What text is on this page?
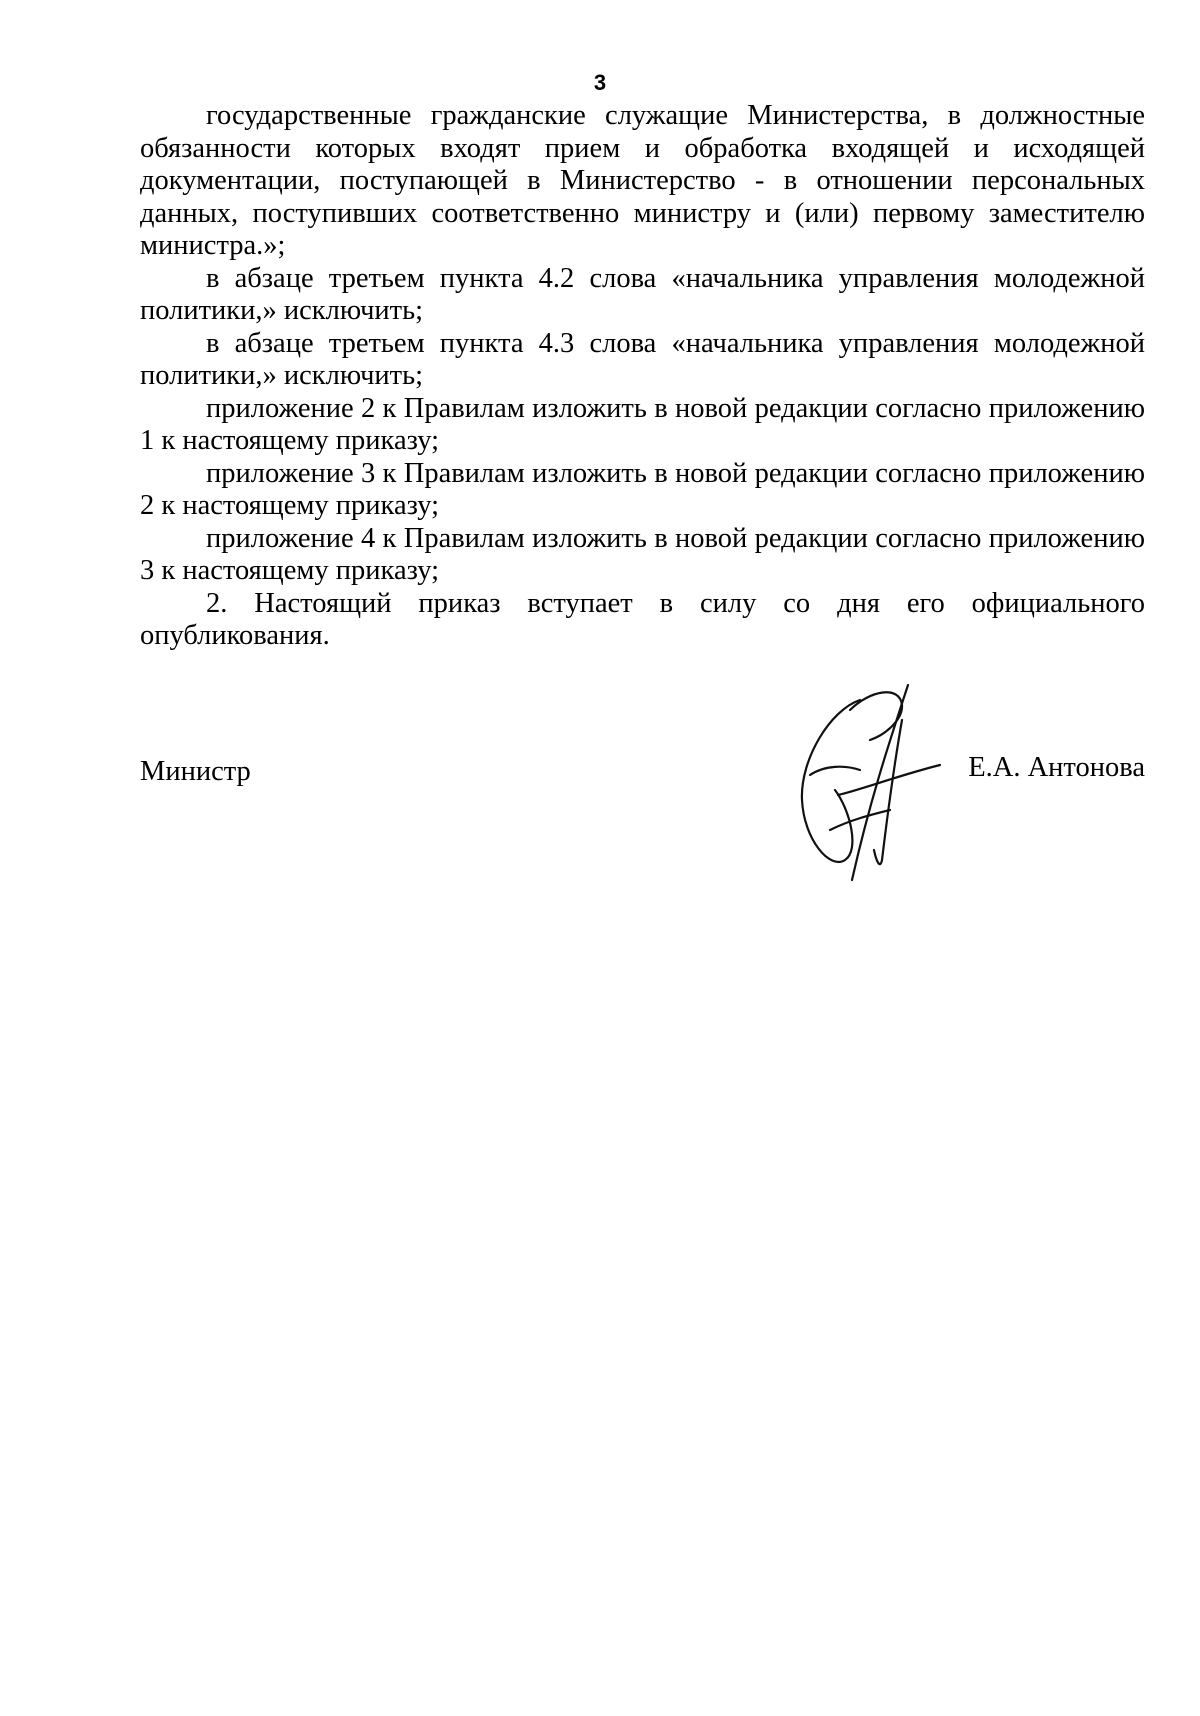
3

государственные гражданские служащие Министерства, в должностные обязанности которых входят прием и обработка входящей и исходящей документации, поступающей в Министерство - в отношении персональных данных, поступивших соответственно министру и (или) первому заместителю министра.»;

в абзаце третьем пункта 4.2 слова «начальника управления молодежной политики,» исключить;

в абзаце третьем пункта 4.3 слова «начальника управления молодежной политики,» исключить;

приложение 2 к Правилам изложить в новой редакции согласно приложению 1 к настоящему приказу;

приложение 3 к Правилам изложить в новой редакции согласно приложению 2 к настоящему приказу;

приложение 4 к Правилам изложить в новой редакции согласно приложению 3 к настоящему приказу;

2. Настоящий приказ вступает в силу со дня его официального опубликования.

Министр	Е.А. Антонова
